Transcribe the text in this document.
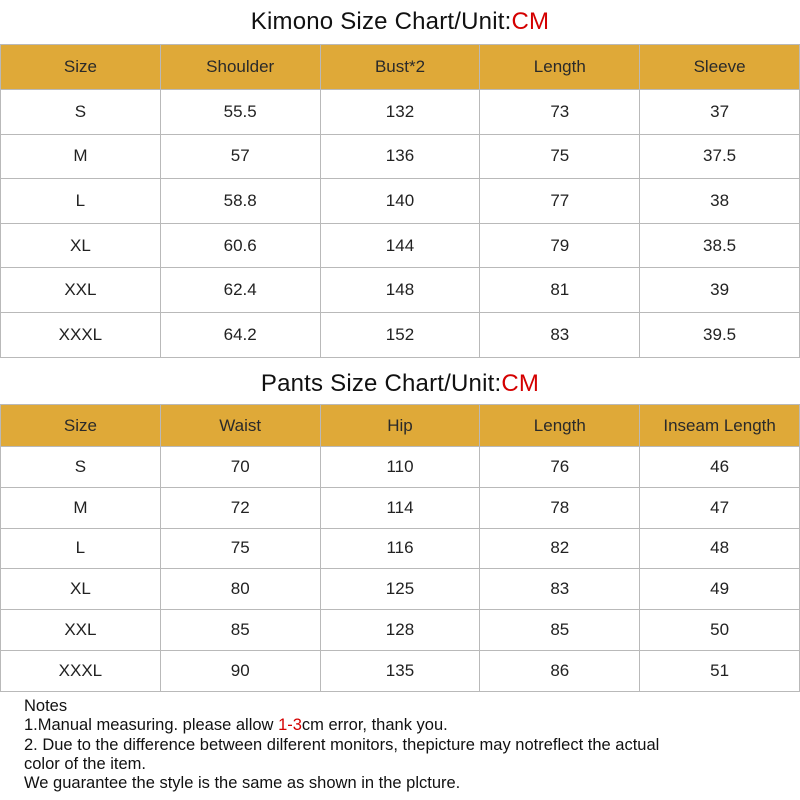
Kimono Size Chart/Unit:CM
Size	Shoulder	Bust*2	Length	Sleeve
S	55.5	132	73	37
M	57	136	75	37.5
L	58.8	140	77	38
XL	60.6	144	79	38.5
XXL	62.4	148	81	39
XXXL	64.2	152	83	39.5
Pants Size Chart/Unit:CM
Size	Waist	Hip	Length	Inseam Length
S	70	110	76	46
M	72	114	78	47
L	75	116	82	48
XL	80	125	83	49
XXL	85	128	85	50
XXXL	90	135	86	51
Notes
1.Manual measuring. please allow 1-3cm error, thank you.
2. Due to the difference between dilferent monitors, thepicture may notreflect the actual
color of the item.
We guarantee the style is the same as shown in the plcture.
